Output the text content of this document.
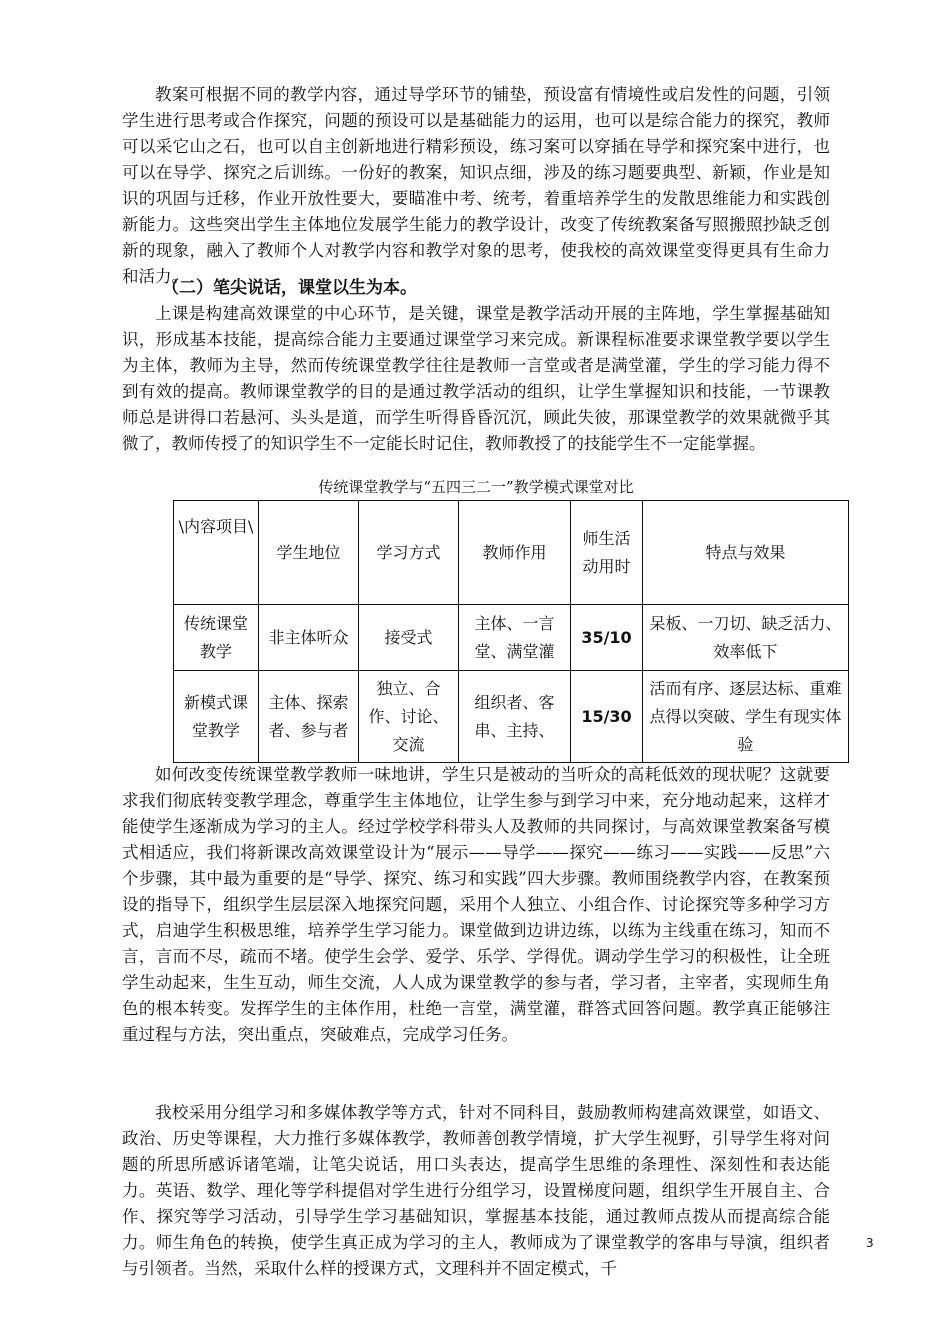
教案可根据不同的教学内容，通过导学环节的铺垫，预设富有情境性或启发性的问题，引领学生进行思考或合作探究，问题的预设可以是基础能力的运用，也可以是综合能力的探究，教师可以采它山之石，也可以自主创新地进行精彩预设，练习案可以穿插在导学和探究案中进行，也可以在导学、探究之后训练。一份好的教案，知识点细，涉及的练习题要典型、新颖，作业是知识的巩固与迁移，作业开放性要大，要瞄准中考、统考，着重培养学生的发散思维能力和实践创新能力。这些突出学生主体地位发展学生能力的教学设计，改变了传统教案备写照搬照抄缺乏创新的现象，融入了教师个人对教学内容和教学对象的思考，使我校的高效课堂变得更具有生命力和活力。

（二）笔尖说话，课堂以生为本。

上课是构建高效课堂的中心环节，是关键，课堂是教学活动开展的主阵地，学生掌握基础知识，形成基本技能，提高综合能力主要通过课堂学习来完成。新课程标准要求课堂教学要以学生为主体，教师为主导，然而传统课堂教学往往是教师一言堂或者是满堂灌，学生的学习能力得不到有效的提高。教师课堂教学的目的是通过教学活动的组织，让学生掌握知识和技能，一节课教师总是讲得口若悬河、头头是道，而学生听得昏昏沉沉，顾此失彼，那课堂教学的效果就微乎其微了，教师传授了的知识学生不一定能长时记住，教师教授了的技能学生不一定能掌握。

传统课堂教学与“五四三二一”教学模式课堂对比

\内容项目\	学生地位	学习方式	教师作用	师生活动用时	特点与效果
传统课堂教学	非主体听众	接受式	主体、一言堂、满堂灌	35/10	呆板、一刀切、缺乏活力、效率低下
新模式课堂教学	主体、探索者、参与者	独立、合作、讨论、交流	组织者、客串、主持、	15/30	活而有序、逐层达标、重难点得以突破、学生有现实体验

如何改变传统课堂教学教师一味地讲，学生只是被动的当听众的高耗低效的现状呢？这就要求我们彻底转变教学理念，尊重学生主体地位，让学生参与到学习中来，充分地动起来，这样才能使学生逐渐成为学习的主人。经过学校学科带头人及教师的共同探讨，与高效课堂教案备写模式相适应，我们将新课改高效课堂设计为“展示——导学——探究——练习——实践——反思”六个步骤，其中最为重要的是“导学、探究、练习和实践”四大步骤。教师围绕教学内容，在教案预设的指导下，组织学生层层深入地探究问题，采用个人独立、小组合作、讨论探究等多种学习方式，启迪学生积极思维，培养学生学习能力。课堂做到边讲边练，以练为主线重在练习，知而不言，言而不尽，疏而不堵。使学生会学、爱学、乐学、学得优。调动学生学习的积极性，让全班学生动起来，生生互动，师生交流，人人成为课堂教学的参与者，学习者，主宰者，实现师生角色的根本转变。发挥学生的主体作用，杜绝一言堂，满堂灌，群答式回答问题。教学真正能够注重过程与方法，突出重点，突破难点，完成学习任务。

我校采用分组学习和多媒体教学等方式，针对不同科目，鼓励教师构建高效课堂，如语文、政治、历史等课程，大力推行多媒体教学，教师善创教学情境，扩大学生视野，引导学生将对问题的所思所感诉诸笔端，让笔尖说话，用口头表达，提高学生思维的条理性、深刻性和表达能力。英语、数学、理化等学科提倡对学生进行分组学习，设置梯度问题，组织学生开展自主、合作、探究等学习活动，引导学生学习基础知识，掌握基本技能，通过教师点拨从而提高综合能力。师生角色的转换，使学生真正成为学习的主人，教师成为了课堂教学的客串与导演，组织者与引领者。当然，采取什么样的授课方式，文理科并不固定模式，千

3
